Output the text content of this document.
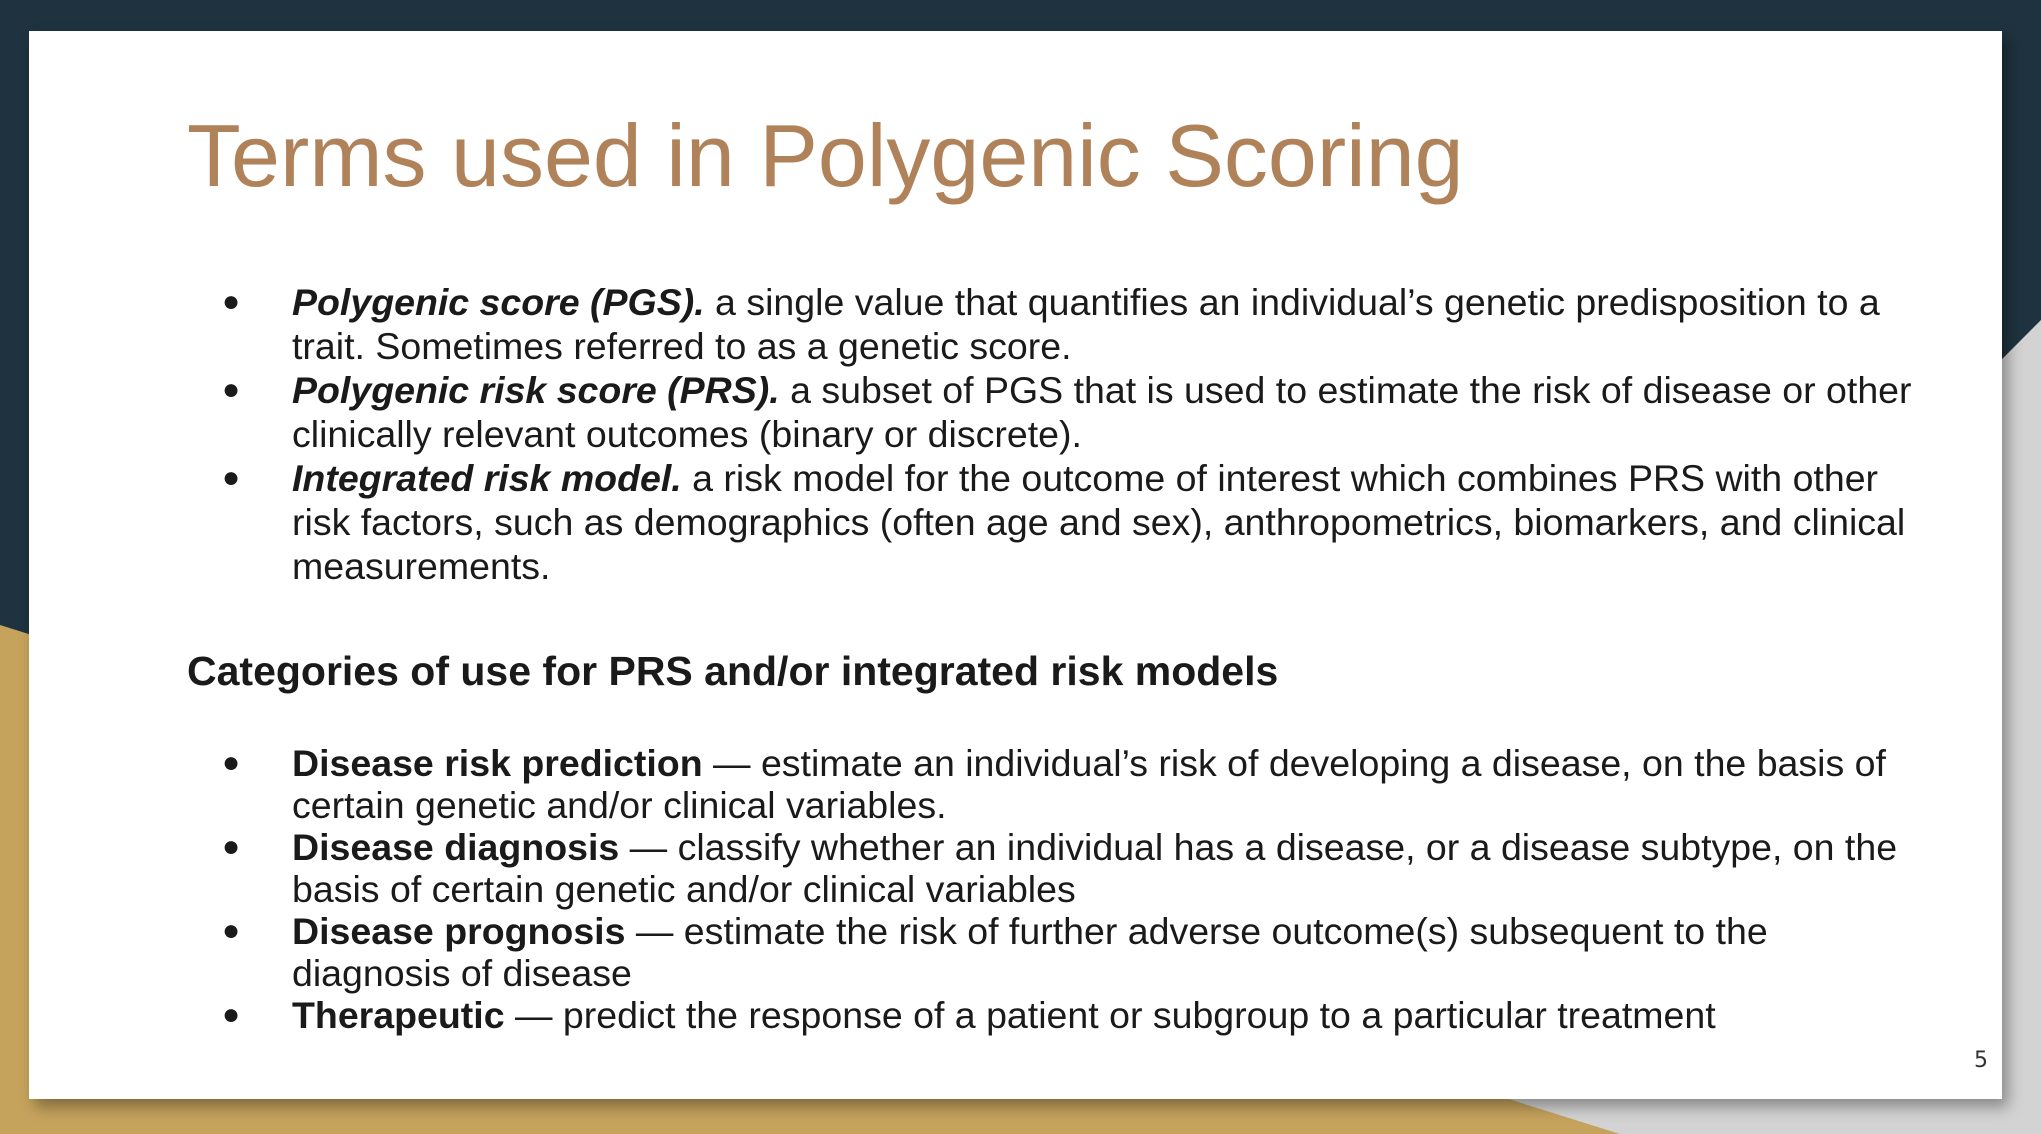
Terms used in Polygenic Scoring
● Polygenic score (PGS). a single value that quantifies an individual’s genetic predisposition to a trait. Sometimes referred to as a genetic score.
● Polygenic risk score (PRS). a subset of PGS that is used to estimate the risk of disease or other clinically relevant outcomes (binary or discrete).
● Integrated risk model. a risk model for the outcome of interest which combines PRS with other risk factors, such as demographics (often age and sex), anthropometrics, biomarkers, and clinical measurements.
Categories of use for PRS and/or integrated risk models
● Disease risk prediction — estimate an individual’s risk of developing a disease, on the basis of certain genetic and/or clinical variables.
● Disease diagnosis — classify whether an individual has a disease, or a disease subtype, on the basis of certain genetic and/or clinical variables
● Disease prognosis — estimate the risk of further adverse outcome(s) subsequent to the diagnosis of disease
● Therapeutic — predict the response of a patient or subgroup to a particular treatment
5
